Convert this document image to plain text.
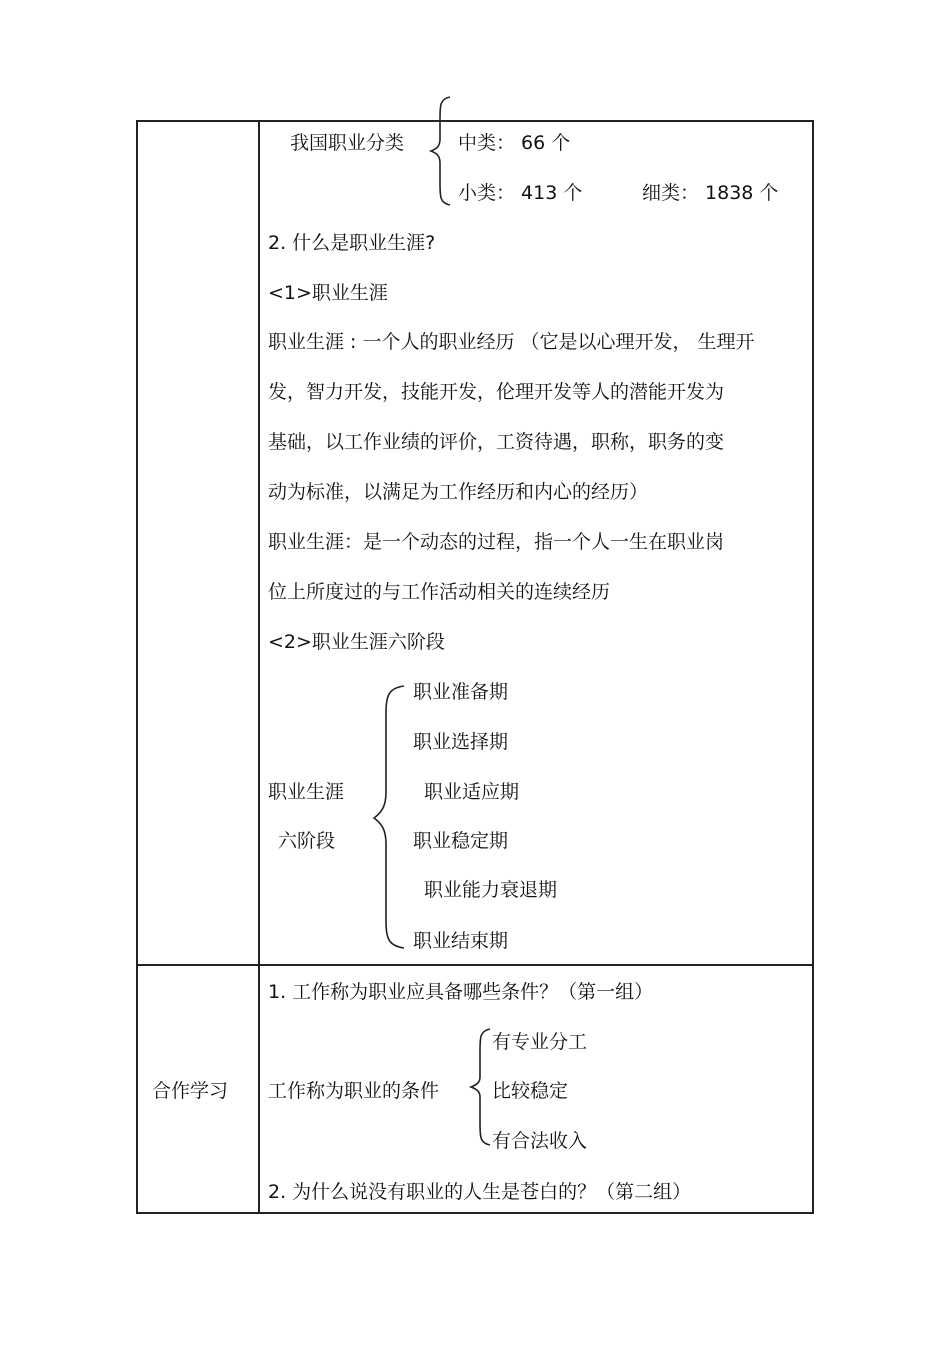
我国职业分类	中类： 66 个
小类： 413 个	细类： 1838 个
2. 什么是职业生涯?
<1>职业生涯
职业生涯 : 一个人的职业经历 （它是以心理开发， 生理开
发，智力开发，技能开发，伦理开发等人的潜能开发为
基础，以工作业绩的评价，工资待遇，职称，职务的变
动为标准，以满足为工作经历和内心的经历）
职业生涯：是一个动态的过程，指一个人一生在职业岗
位上所度过的与工作活动相关的连续经历
<2>职业生涯六阶段
职业生涯
六阶段
职业准备期
职业选择期
职业适应期
职业稳定期
职业能力衰退期
职业结束期
合作学习
1. 工作称为职业应具备哪些条件？（第一组）
工作称为职业的条件
有专业分工
比较稳定
有合法收入
2. 为什么说没有职业的人生是苍白的？（第二组）
